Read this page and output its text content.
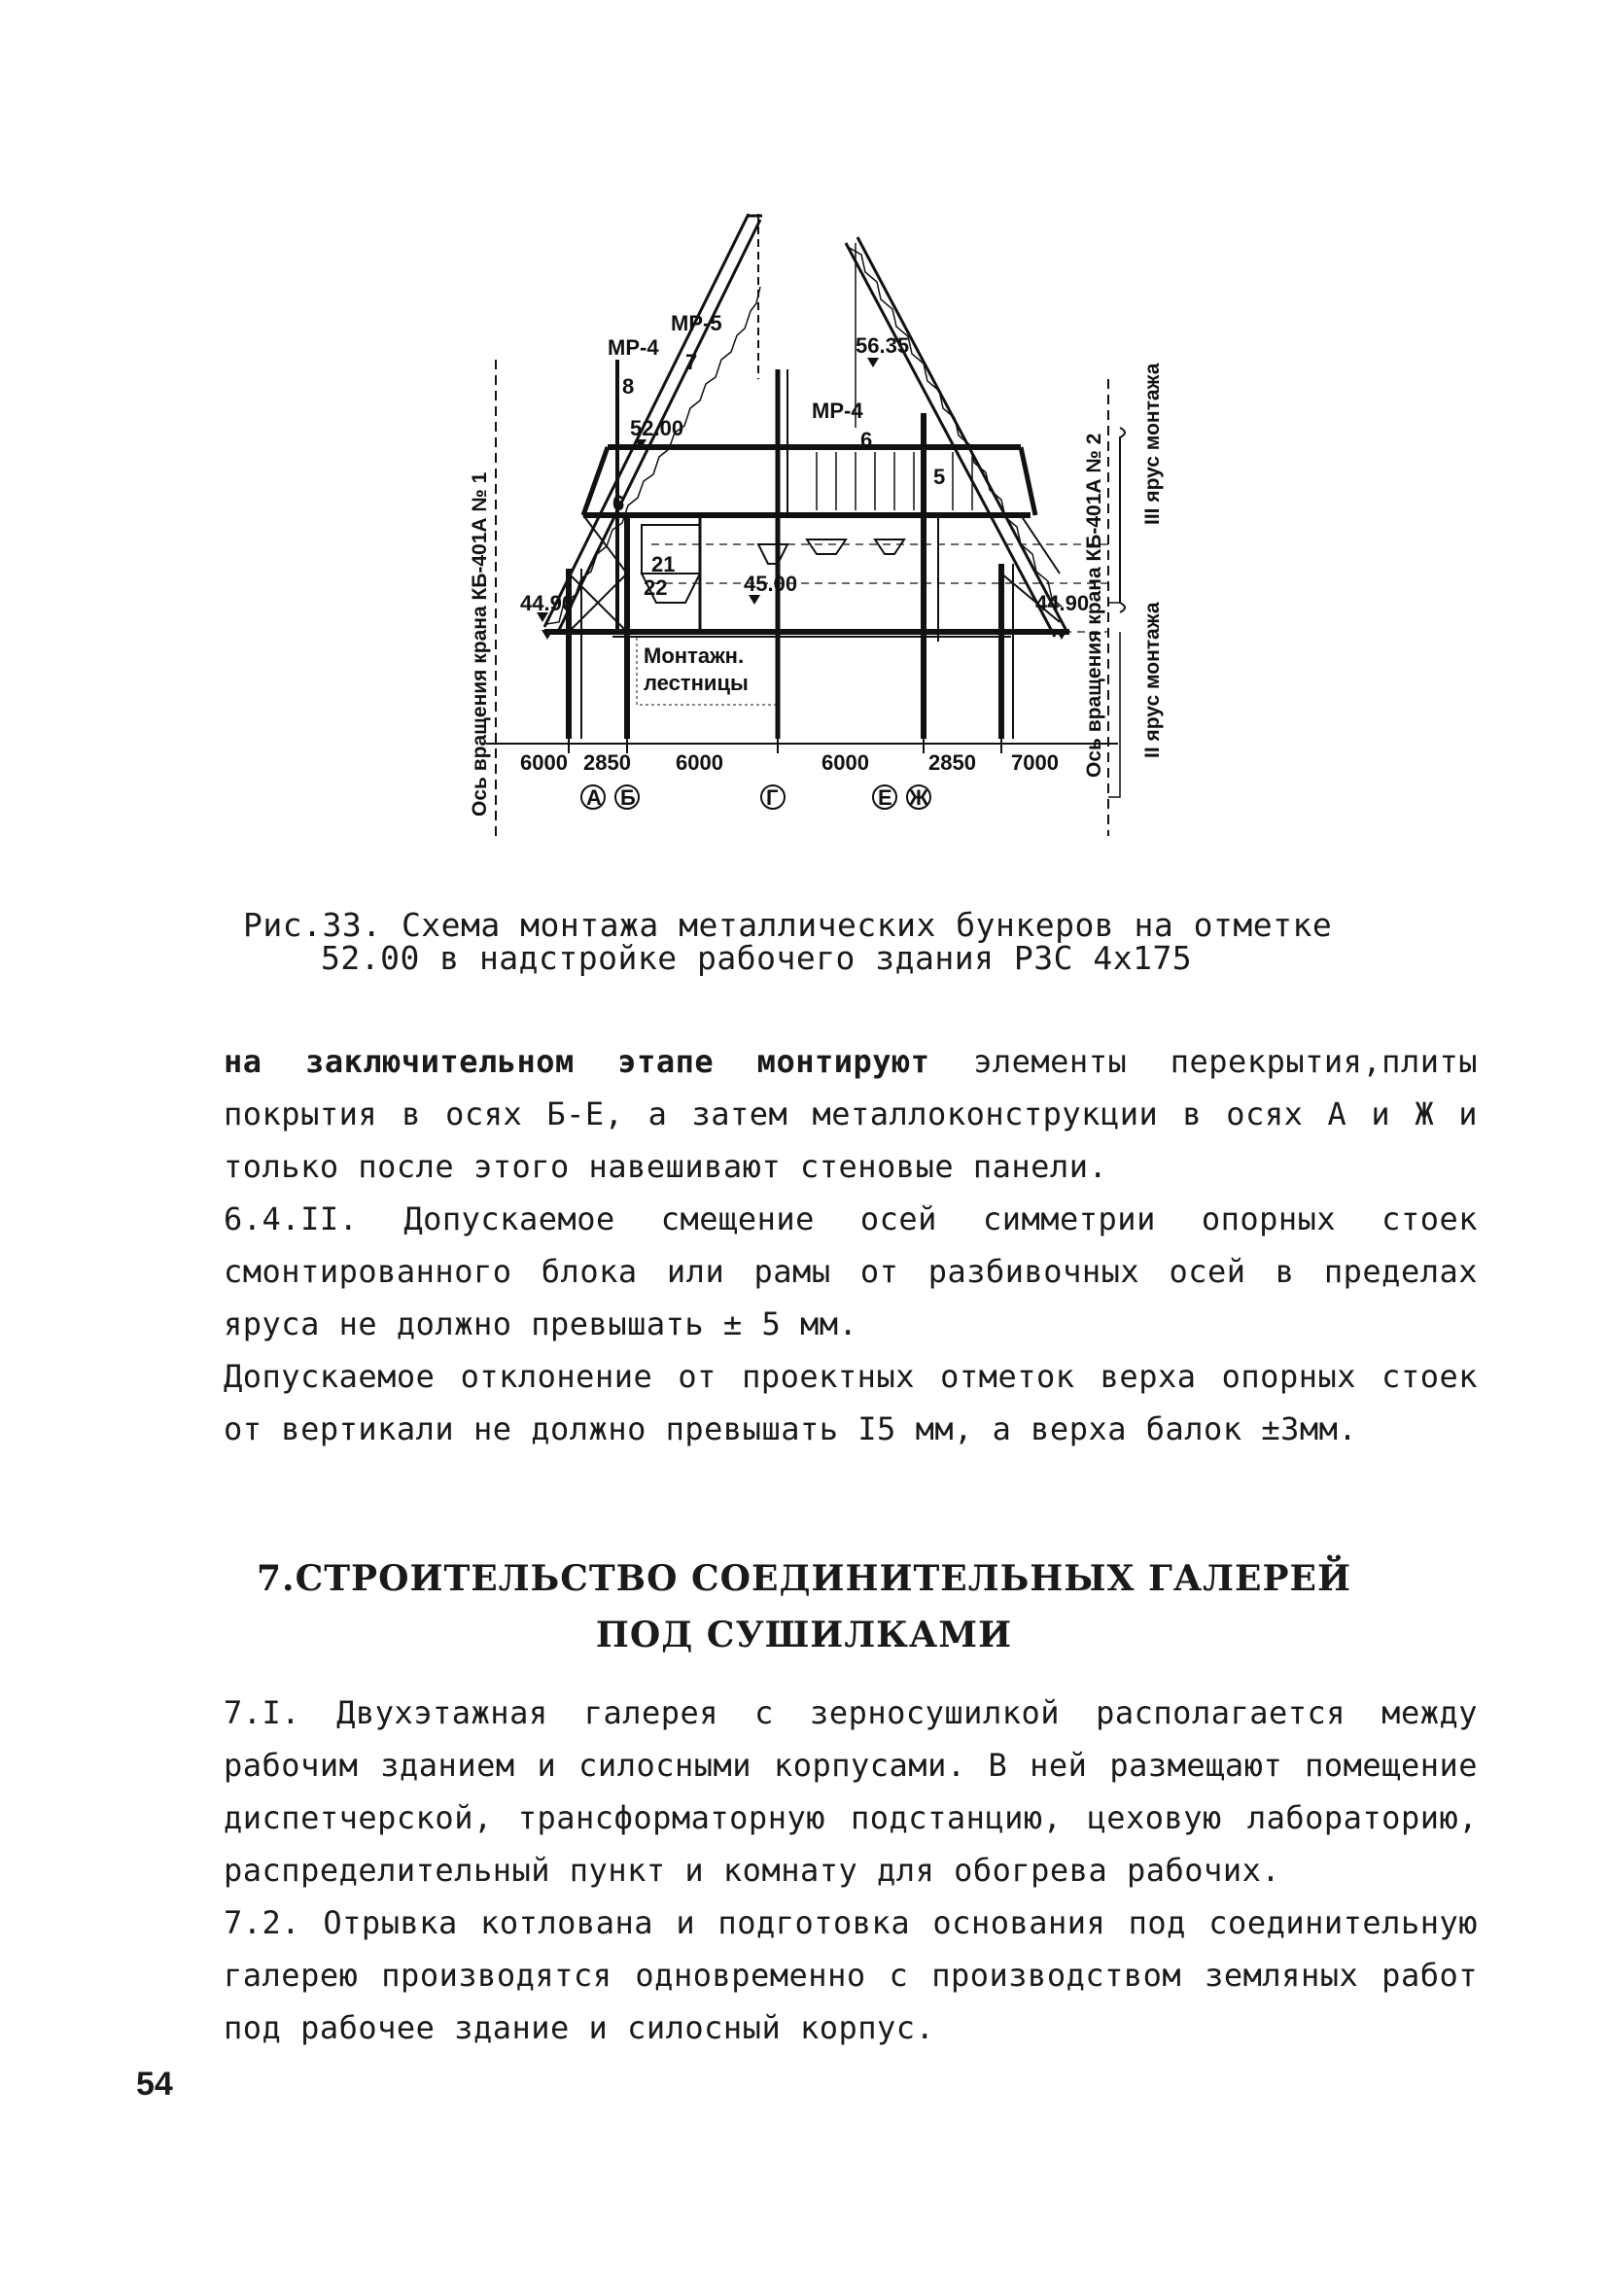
Ось вращения крана КБ-401А № 1	Ось вращения крана КБ-401А № 2 III ярус монтажа
II ярус монтажа
56.35
52.00
45.00
44.90	44.90
МР-4
МР-5
МР-4
8
7
6
6
5
21
22
Монтажн.
лестницы
6000 2850 6000	6000	2850 7000
А Б	Г	Е Ж

Рис.33. Схема монтажа металлических бункеров на отметке

52.00 в надстройке рабочего здания РЗС 4х175

на заключительном этапе монтируют элементы перекрытия,плиты покрытия в осях Б-Е, а затем металлоконструкции в осях А и Ж и только после этого навешивают стеновые панели.

6.4.II. Допускаемое смещение осей симметрии опорных стоек смонтированного блока или рамы от разбивочных осей в пределах яруса не должно превышать ± 5 мм.

Допускаемое отклонение от проектных отметок верха опорных стоек от вертикали не должно превышать I5 мм, а верха балок ±3мм.

7.СТРОИТЕЛЬСТВО СОЕДИНИТЕЛЬНЫХ ГАЛЕРЕЙ

ПОД СУШИЛКАМИ

7.I. Двухэтажная галерея с зерносушилкой располагается между рабочим зданием и силосными корпусами. В ней размещают помещение диспетчерской, трансформаторную подстанцию, цеховую лабораторию, распределительный пункт и комнату для обогрева рабочих.

7.2. Отрывка котлована и подготовка основания под соединительную галерею производятся одновременно с производством земляных работ под рабочее здание и силосный корпус.

54
